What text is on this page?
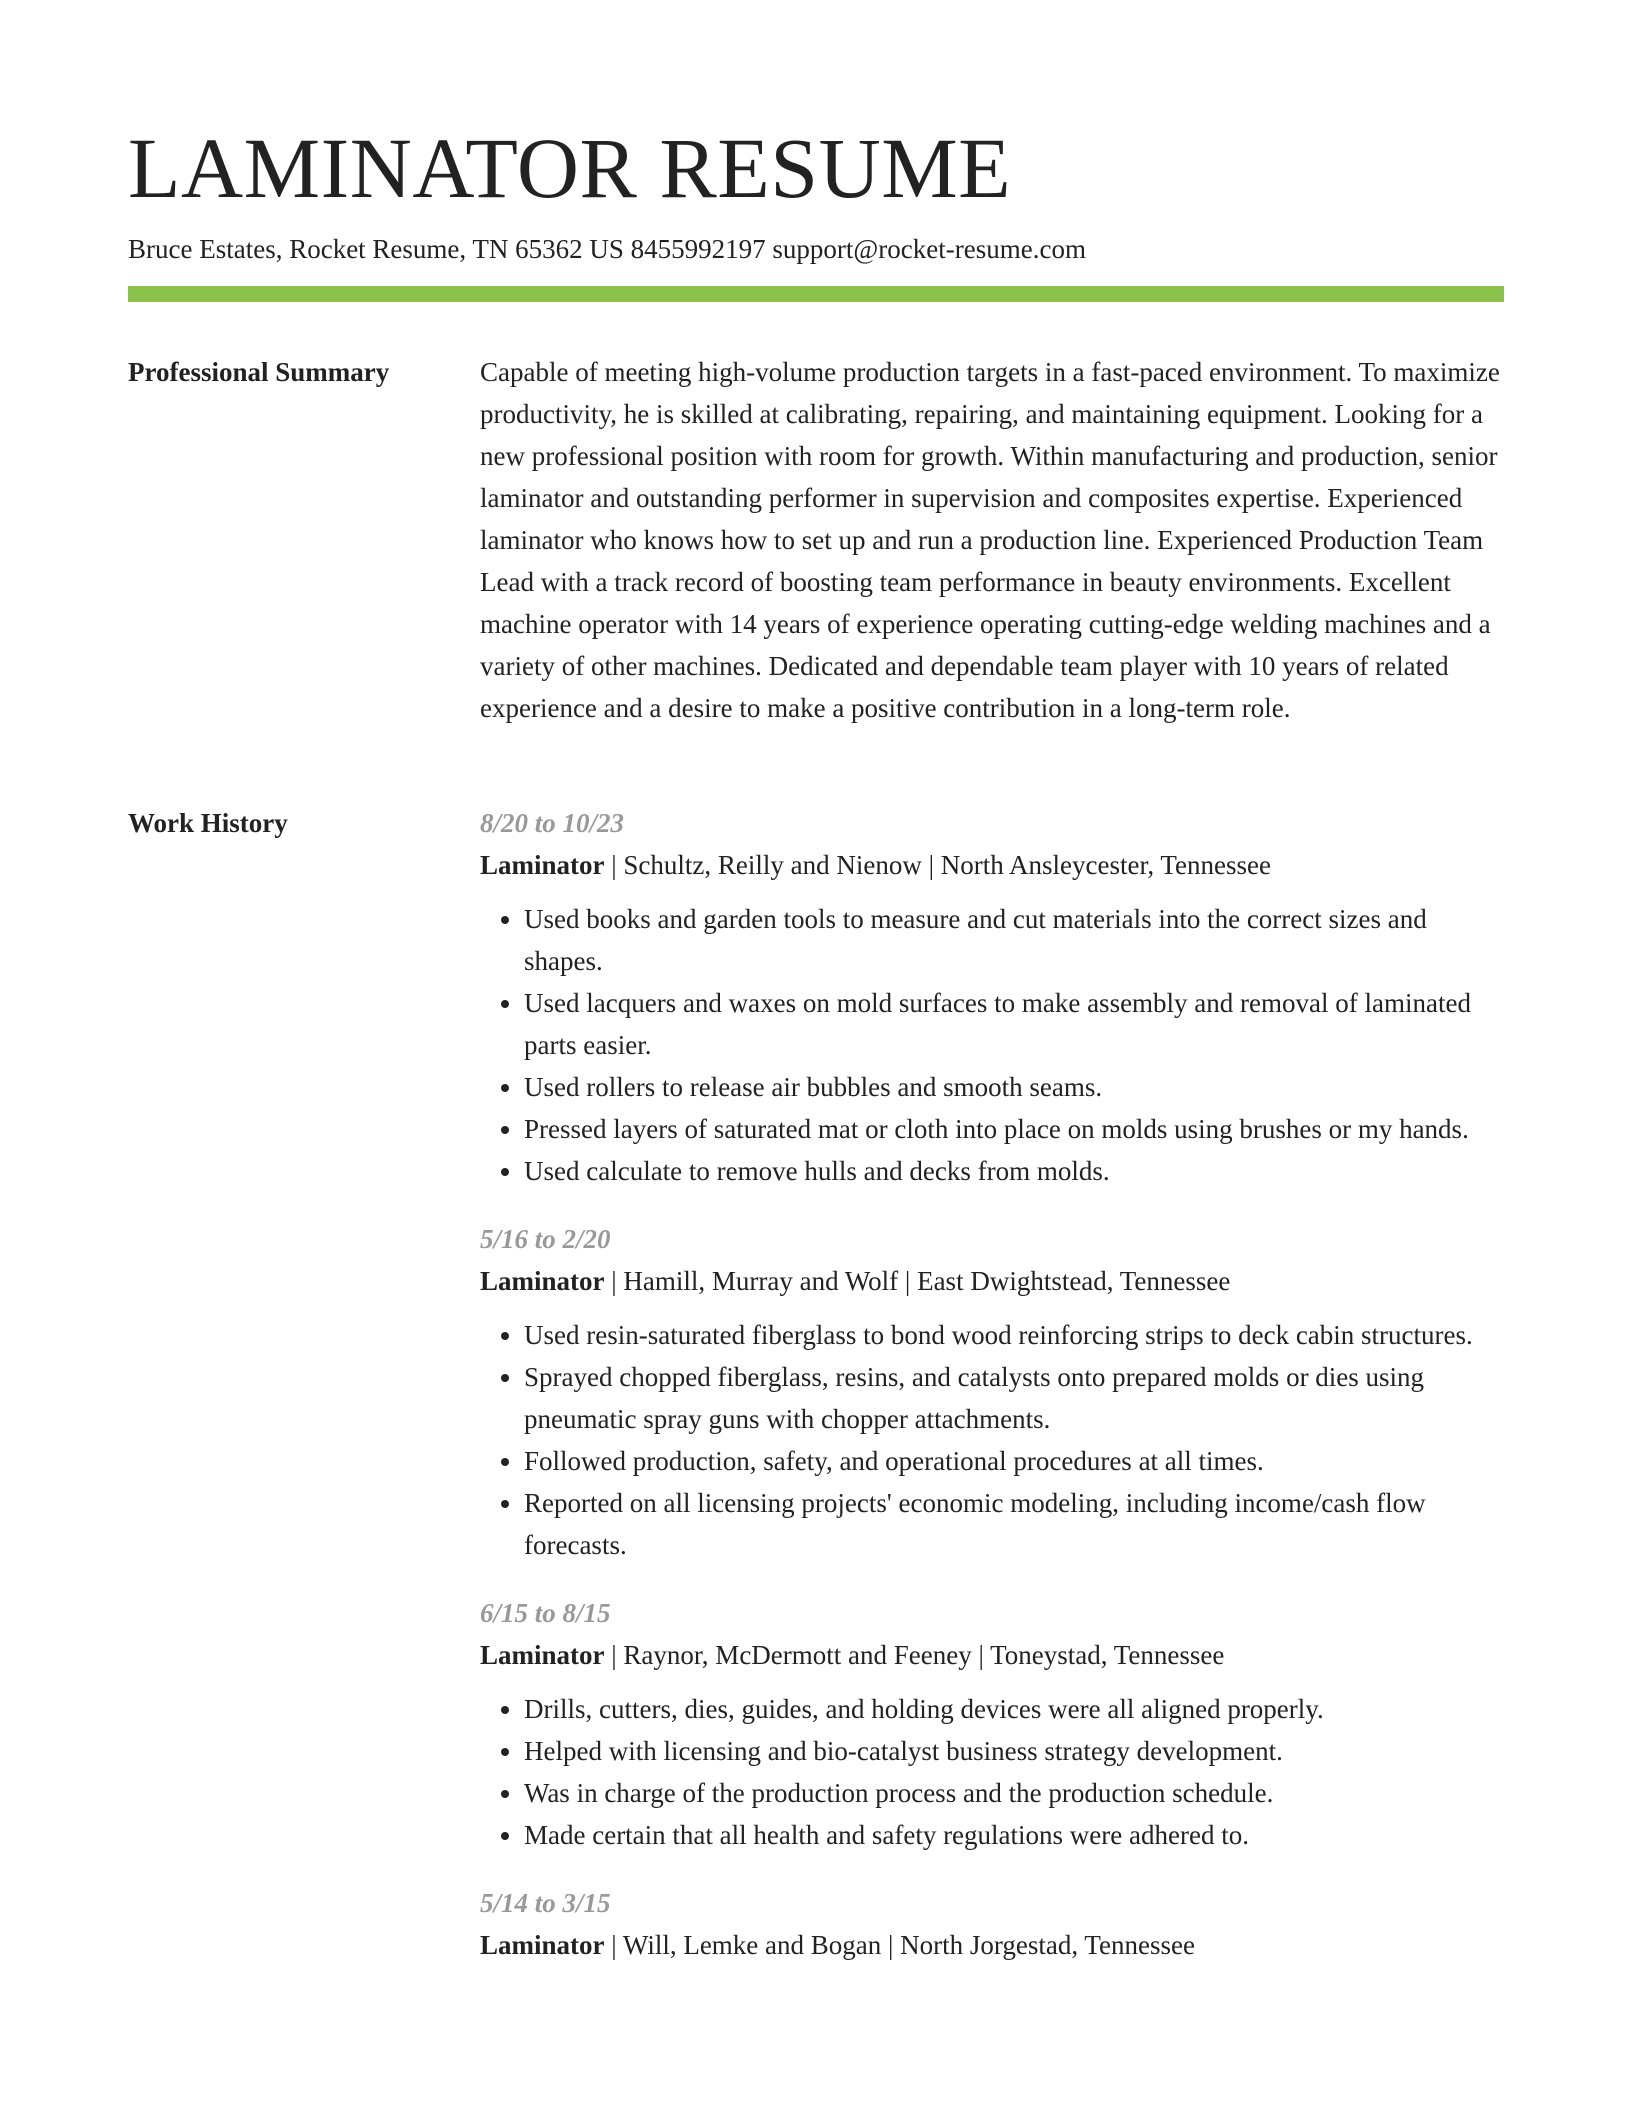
LAMINATOR RESUME
Bruce Estates, Rocket Resume, TN 65362 US 8455992197 support@rocket-resume.com
Professional Summary	Capable of meeting high-volume production targets in a fast-paced environment. To maximize productivity, he is skilled at calibrating, repairing, and maintaining equipment. Looking for a new professional position with room for growth. Within manufacturing and production, senior laminator and outstanding performer in supervision and composites expertise. Experienced laminator who knows how to set up and run a production line. Experienced Production Team Lead with a track record of boosting team performance in beauty environments. Excellent machine operator with 14 years of experience operating cutting-edge welding machines and a variety of other machines. Dedicated and dependable team player with 10 years of related experience and a desire to make a positive contribution in a long-term role.

Work History	8/20 to 10/23
Laminator | Schultz, Reilly and Nienow | North Ansleycester, Tennessee
• Used books and garden tools to measure and cut materials into the correct sizes and shapes.
• Used lacquers and waxes on mold surfaces to make assembly and removal of laminated parts easier.
• Used rollers to release air bubbles and smooth seams.
• Pressed layers of saturated mat or cloth into place on molds using brushes or my hands.
• Used calculate to remove hulls and decks from molds.
5/16 to 2/20
Laminator | Hamill, Murray and Wolf | East Dwightstead, Tennessee
• Used resin-saturated fiberglass to bond wood reinforcing strips to deck cabin structures.
• Sprayed chopped fiberglass, resins, and catalysts onto prepared molds or dies using pneumatic spray guns with chopper attachments.
• Followed production, safety, and operational procedures at all times.
• Reported on all licensing projects' economic modeling, including income/cash flow forecasts.
6/15 to 8/15
Laminator | Raynor, McDermott and Feeney | Toneystad, Tennessee
• Drills, cutters, dies, guides, and holding devices were all aligned properly.
• Helped with licensing and bio-catalyst business strategy development.
• Was in charge of the production process and the production schedule.
• Made certain that all health and safety regulations were adhered to.
5/14 to 3/15
Laminator | Will, Lemke and Bogan | North Jorgestad, Tennessee
